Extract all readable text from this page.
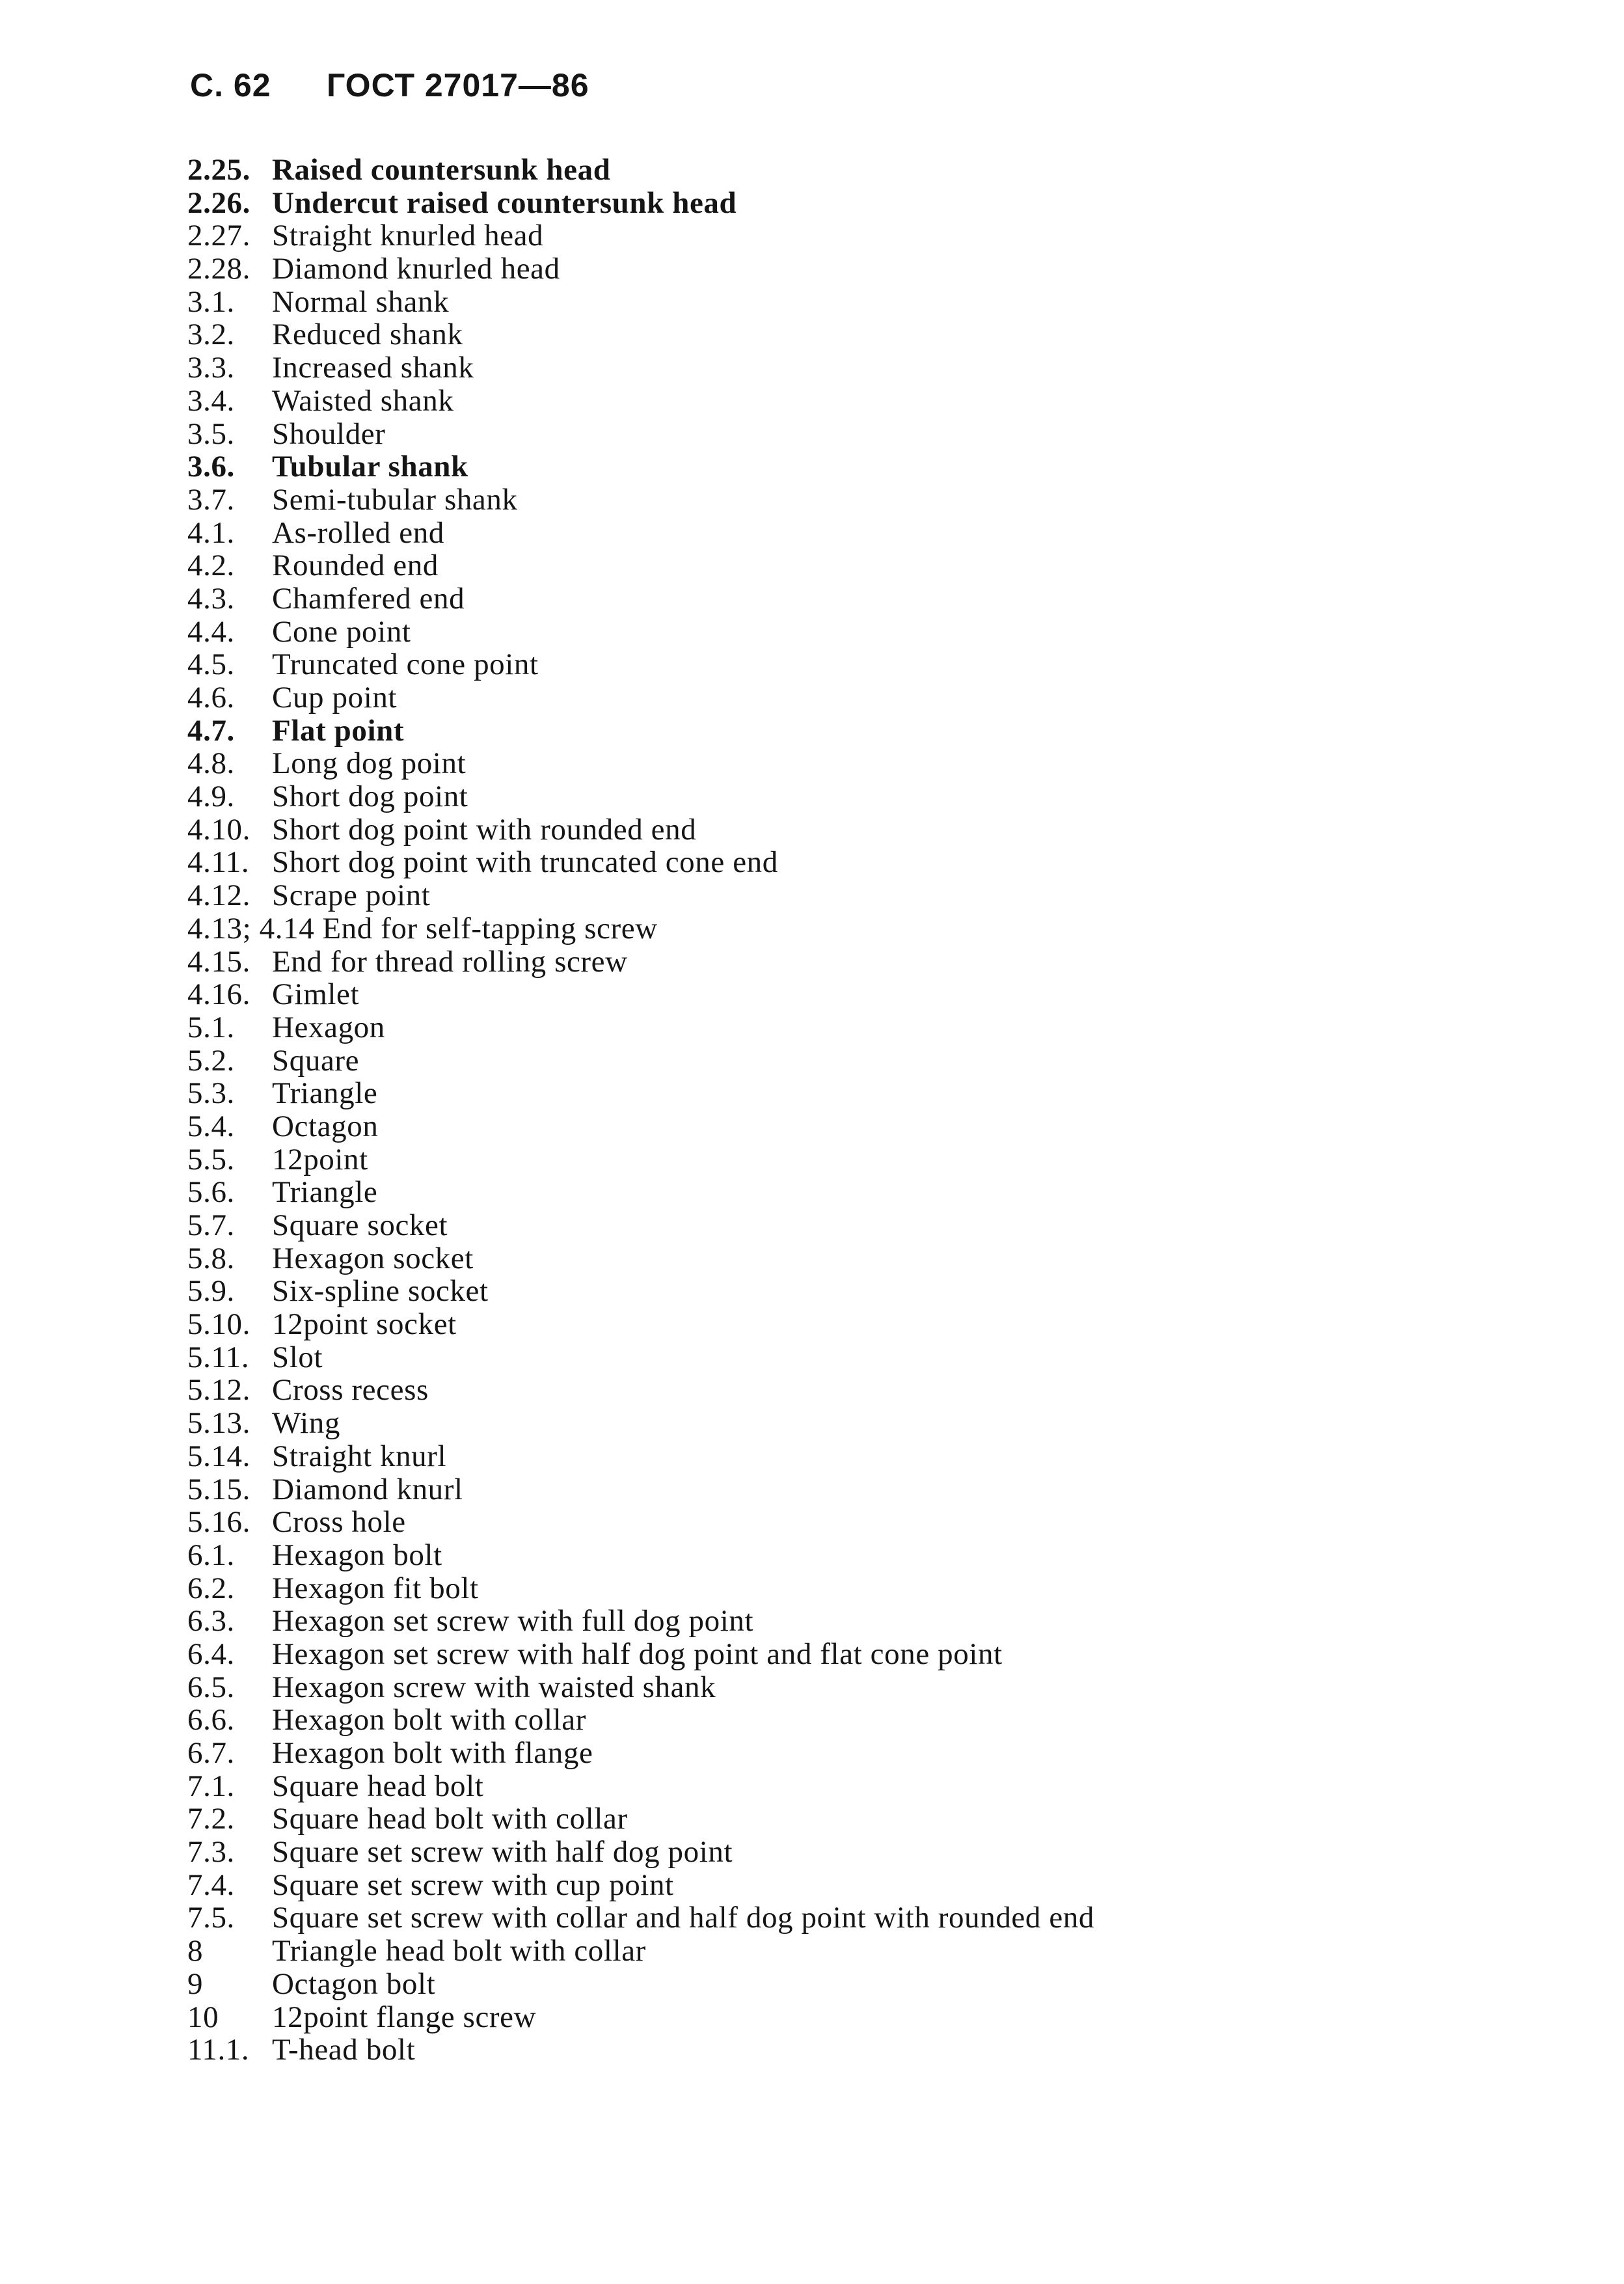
C. 62 ГОСТ 27017—86
2.25. Raised countersunk head
2.26. Undercut raised countersunk head
2.27. Straight knurled head
2.28. Diamond knurled head
3.1. Normal shank
3.2. Reduced shank
3.3. Increased shank
3.4. Waisted shank
3.5. Shoulder
3.6. Tubular shank
3.7. Semi-tubular shank
4.1. As-rolled end
4.2. Rounded end
4.3. Chamfered end
4.4. Cone point
4.5. Truncated cone point
4.6. Cup point
4.7. Flat point
4.8. Long dog point
4.9. Short dog point
4.10. Short dog point with rounded end
4.11. Short dog point with truncated cone end
4.12. Scrape point
4.13; 4.14 End for self-tapping screw
4.15. End for thread rolling screw
4.16. Gimlet
5.1. Hexagon
5.2. Square
5.3. Triangle
5.4. Octagon
5.5. 12point
5.6. Triangle
5.7. Square socket
5.8. Hexagon socket
5.9. Six-spline socket
5.10. 12point socket
5.11. Slot
5.12. Cross recess
5.13. Wing
5.14. Straight knurl
5.15. Diamond knurl
5.16. Cross hole
6.1. Hexagon bolt
6.2. Hexagon fit bolt
6.3. Hexagon set screw with full dog point
6.4. Hexagon set screw with half dog point and flat cone point
6.5. Hexagon screw with waisted shank
6.6. Hexagon bolt with collar
6.7. Hexagon bolt with flange
7.1. Square head bolt
7.2. Square head bolt with collar
7.3. Square set screw with half dog point
7.4. Square set screw with cup point
7.5. Square set screw with collar and half dog point with rounded end
8 Triangle head bolt with collar
9 Octagon bolt
10 12point flange screw
11.1. T-head bolt
